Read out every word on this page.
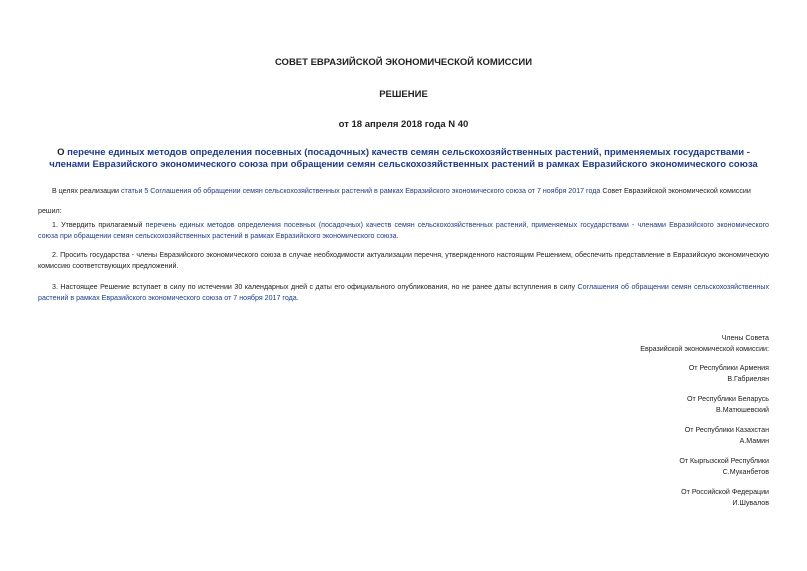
СОВЕТ ЕВРАЗИЙСКОЙ ЭКОНОМИЧЕСКОЙ КОМИССИИ
РЕШЕНИЕ
от 18 апреля 2018 года N 40
О перечне единых методов определения посевных (посадочных) качеств семян сельскохозяйственных растений, применяемых государствами - членами Евразийского экономического союза при обращении семян сельскохозяйственных растений в рамках Евразийского экономического союза
В целях реализации статьи 5 Соглашения об обращении семян сельскохозяйственных растений в рамках Евразийского экономического союза от 7 ноября 2017 года Совет Евразийской экономической комиссии
решил:
1. Утвердить прилагаемый перечень единых методов определения посевных (посадочных) качеств семян сельскохозяйственных растений, применяемых государствами - членами Евразийского экономического союза при обращении семян сельскохозяйственных растений в рамках Евразийского экономического союза.
2. Просить государства - члены Евразийского экономического союза в случае необходимости актуализации перечня, утвержденного настоящим Решением, обеспечить представление в Евразийскую экономическую комиссию соответствующих предложений.
3. Настоящее Решение вступает в силу по истечении 30 календарных дней с даты его официального опубликования, но не ранее даты вступления в силу Соглашения об обращении семян сельскохозяйственных растений в рамках Евразийского экономического союза от 7 ноября 2017 года.
Члены Совета
Евразийской экономической комиссии:
От Республики Армения
В.Габриелян
От Республики Беларусь
В.Матюшевский
От Республики Казахстан
А.Мамин
От Кыргызской Республики
С.Муканбетов
От Российской Федерации
И.Шувалов
